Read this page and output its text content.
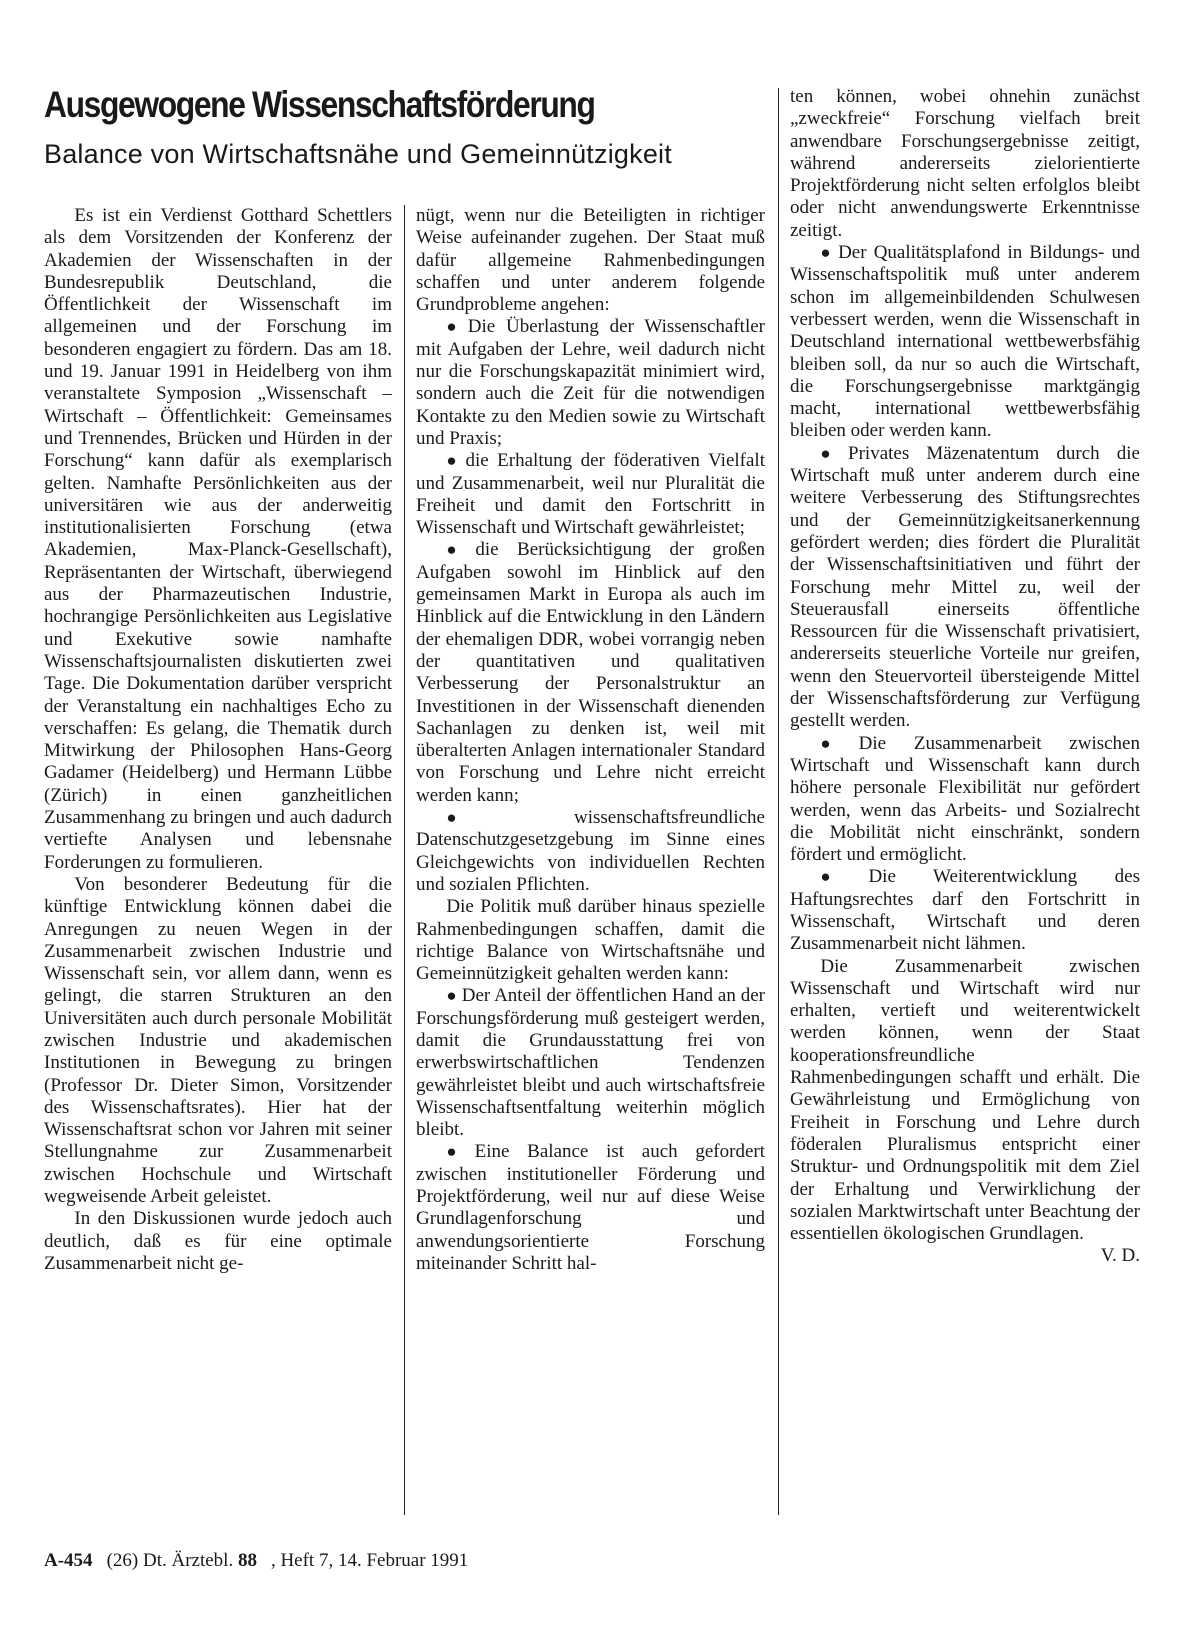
Ausgewogene Wissenschaftsförderung
Balance von Wirtschaftsnähe und Gemeinnützigkeit

Es ist ein Verdienst Gotthard Schettlers als dem Vorsitzenden der Konferenz der Akademien der Wissenschaften in der Bundesrepublik Deutschland, die Öffentlichkeit der Wissenschaft im allgemeinen und der Forschung im besonderen engagiert zu fördern. Das am 18. und 19. Januar 1991 in Heidelberg von ihm veranstaltete Symposion „Wissenschaft – Wirtschaft – Öffentlichkeit: Gemeinsames und Trennendes, Brücken und Hürden in der Forschung“ kann dafür als exemplarisch gelten. Namhafte Persönlichkeiten aus der universitären wie aus der anderweitig institutionalisierten Forschung (etwa Akademien, Max-Planck-Gesellschaft), Repräsentanten der Wirtschaft, überwiegend aus der Pharmazeutischen Industrie, hochrangige Persönlichkeiten aus Legislative und Exekutive sowie namhafte Wissenschaftsjournalisten diskutierten zwei Tage. Die Dokumentation darüber verspricht der Veranstaltung ein nachhaltiges Echo zu verschaffen: Es gelang, die Thematik durch Mitwirkung der Philosophen Hans-Georg Gadamer (Heidelberg) und Hermann Lübbe (Zürich) in einen ganzheitlichen Zusammenhang zu bringen und auch dadurch vertiefte Analysen und lebensnahe Forderungen zu formulieren.

Von besonderer Bedeutung für die künftige Entwicklung können dabei die Anregungen zu neuen Wegen in der Zusammenarbeit zwischen Industrie und Wissenschaft sein, vor allem dann, wenn es gelingt, die starren Strukturen an den Universitäten auch durch personale Mobilität zwischen Industrie und akademischen Institutionen in Bewegung zu bringen (Professor Dr. Dieter Simon, Vorsitzender des Wissenschaftsrates). Hier hat der Wissenschaftsrat schon vor Jahren mit seiner Stellungnahme zur Zusammenarbeit zwischen Hochschule und Wirtschaft wegweisende Arbeit geleistet.

In den Diskussionen wurde jedoch auch deutlich, daß es für eine optimale Zusammenarbeit nicht ge-

nügt, wenn nur die Beteiligten in richtiger Weise aufeinander zugehen. Der Staat muß dafür allgemeine Rahmenbedingungen schaffen und unter anderem folgende Grundprobleme angehen:

● Die Überlastung der Wissenschaftler mit Aufgaben der Lehre, weil dadurch nicht nur die Forschungskapazität minimiert wird, sondern auch die Zeit für die notwendigen Kontakte zu den Medien sowie zu Wirtschaft und Praxis;

● die Erhaltung der föderativen Vielfalt und Zusammenarbeit, weil nur Pluralität die Freiheit und damit den Fortschritt in Wissenschaft und Wirtschaft gewährleistet;

● die Berücksichtigung der großen Aufgaben sowohl im Hinblick auf den gemeinsamen Markt in Europa als auch im Hinblick auf die Entwicklung in den Ländern der ehemaligen DDR, wobei vorrangig neben der quantitativen und qualitativen Verbesserung der Personalstruktur an Investitionen in der Wissenschaft dienenden Sachanlagen zu denken ist, weil mit überalterten Anlagen internationaler Standard von Forschung und Lehre nicht erreicht werden kann;

● wissenschaftsfreundliche Datenschutzgesetzgebung im Sinne eines Gleichgewichts von individuellen Rechten und sozialen Pflichten.

Die Politik muß darüber hinaus spezielle Rahmenbedingungen schaffen, damit die richtige Balance von Wirtschaftsnähe und Gemeinnützigkeit gehalten werden kann:

● Der Anteil der öffentlichen Hand an der Forschungsförderung muß gesteigert werden, damit die Grundausstattung frei von erwerbswirtschaftlichen Tendenzen gewährleistet bleibt und auch wirtschaftsfreie Wissenschaftsentfaltung weiterhin möglich bleibt.

● Eine Balance ist auch gefordert zwischen institutioneller Förderung und Projektförderung, weil nur auf diese Weise Grundlagenforschung und anwendungsorientierte Forschung miteinander Schritt hal-

ten können, wobei ohnehin zunächst „zweckfreie“ Forschung vielfach breit anwendbare Forschungsergebnisse zeitigt, während andererseits zielorientierte Projektförderung nicht selten erfolglos bleibt oder nicht anwendungswerte Erkenntnisse zeitigt.

● Der Qualitätsplafond in Bildungs- und Wissenschaftspolitik muß unter anderem schon im allgemeinbildenden Schulwesen verbessert werden, wenn die Wissenschaft in Deutschland international wettbewerbsfähig bleiben soll, da nur so auch die Wirtschaft, die Forschungsergebnisse marktgängig macht, international wettbewerbsfähig bleiben oder werden kann.

● Privates Mäzenatentum durch die Wirtschaft muß unter anderem durch eine weitere Verbesserung des Stiftungsrechtes und der Gemeinnützigkeitsanerkennung gefördert werden; dies fördert die Pluralität der Wissenschaftsinitiativen und führt der Forschung mehr Mittel zu, weil der Steuerausfall einerseits öffentliche Ressourcen für die Wissenschaft privatisiert, andererseits steuerliche Vorteile nur greifen, wenn den Steuervorteil übersteigende Mittel der Wissenschaftsförderung zur Verfügung gestellt werden.

● Die Zusammenarbeit zwischen Wirtschaft und Wissenschaft kann durch höhere personale Flexibilität nur gefördert werden, wenn das Arbeits- und Sozialrecht die Mobilität nicht einschränkt, sondern fördert und ermöglicht.

● Die Weiterentwicklung des Haftungsrechtes darf den Fortschritt in Wissenschaft, Wirtschaft und deren Zusammenarbeit nicht lähmen.

Die Zusammenarbeit zwischen Wissenschaft und Wirtschaft wird nur erhalten, vertieft und weiterentwickelt werden können, wenn der Staat kooperationsfreundliche Rahmenbedingungen schafft und erhält. Die Gewährleistung und Ermöglichung von Freiheit in Forschung und Lehre durch föderalen Pluralismus entspricht einer Struktur- und Ordnungspolitik mit dem Ziel der Erhaltung und Verwirklichung der sozialen Marktwirtschaft unter Beachtung der essentiellen ökologischen Grundlagen.
V. D.

A-454 (26) Dt. Ärztebl. 88 , Heft 7, 14. Februar 1991
